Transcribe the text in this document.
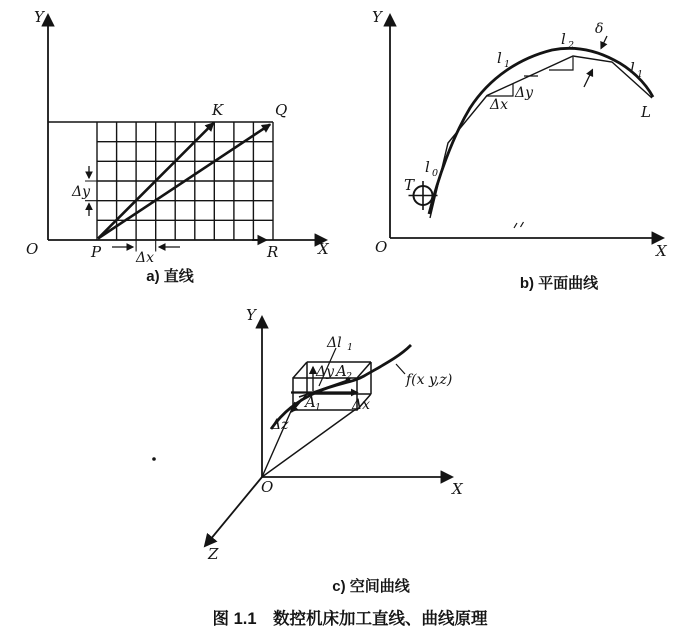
Y
X
O	P	R
K	Q
Δy
Δx
a) 直线
Y
X
O
T
L
δ
l 0
l 1
l 2
l 1
Δy
Δx
b) 平面曲线
Y
X
Z
O
Δl 1
Δy A 2
A 1 Δx
Δz
f(x y,z)
c) 空间曲线
图 1.1　数控机床加工直线、曲线原理
